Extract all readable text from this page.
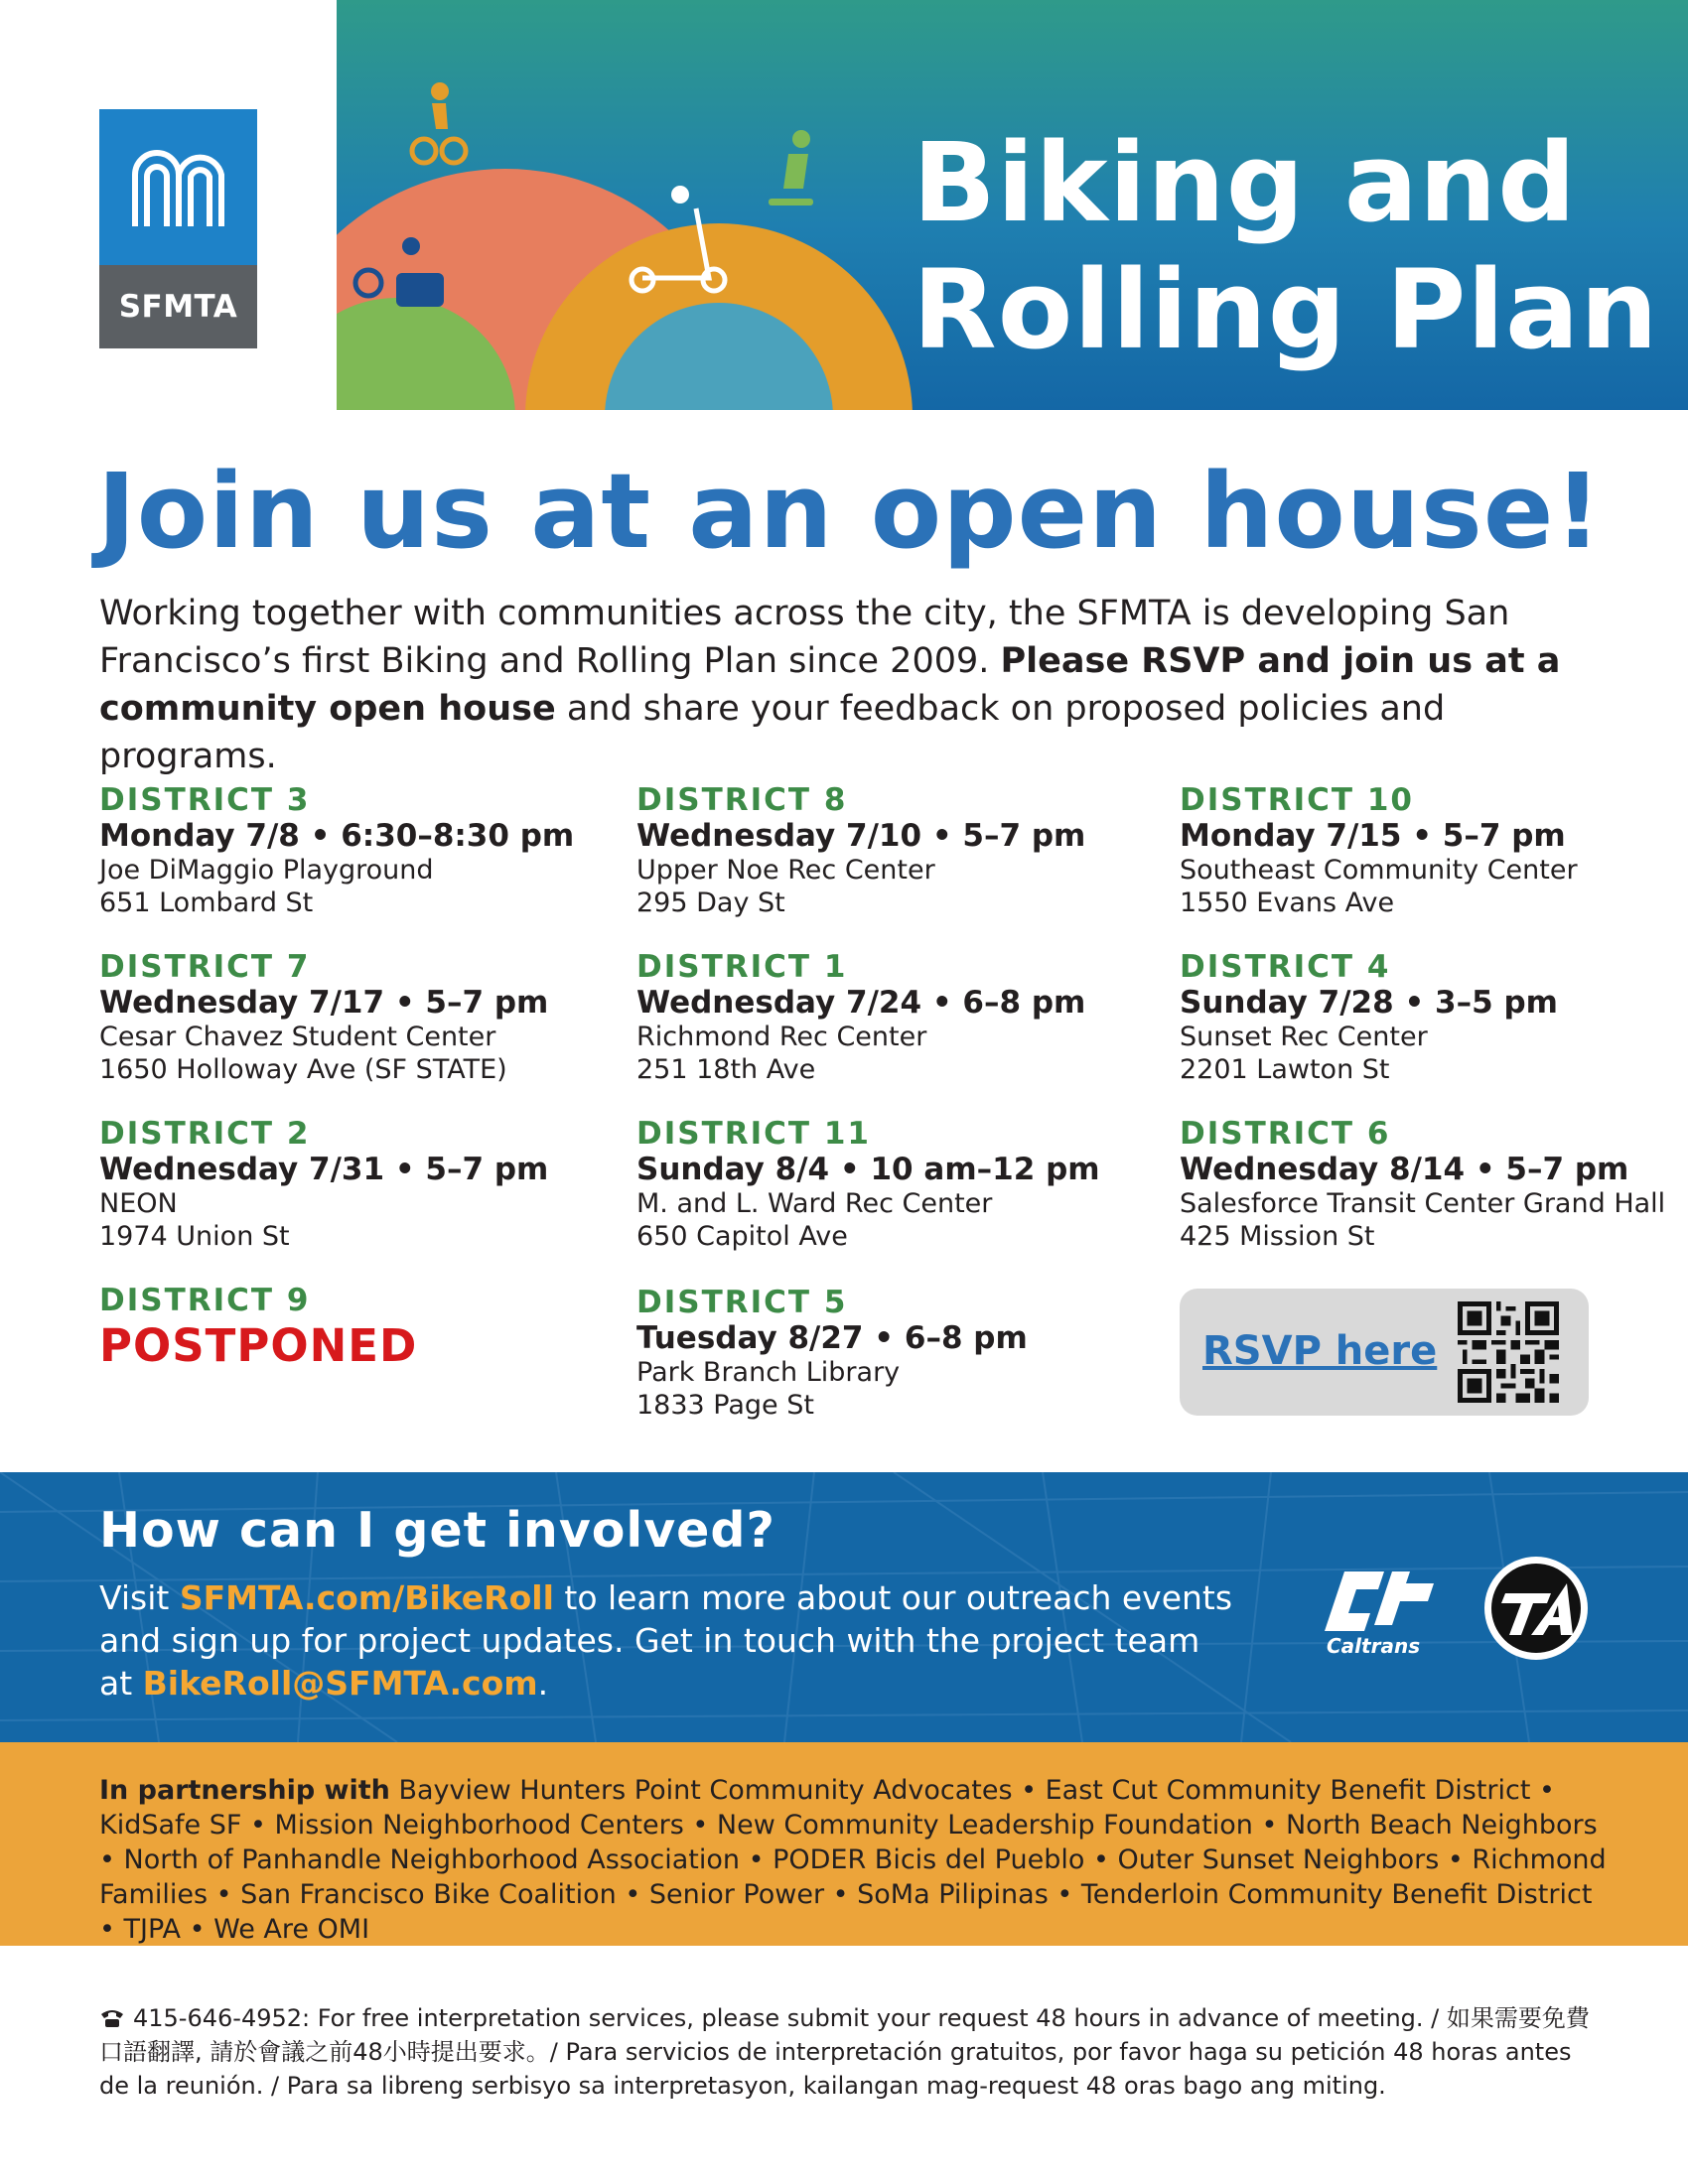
SFMTA
Biking and
Rolling Plan
Join us at an open house!
Working together with communities across the city, the SFMTA is developing San Francisco’s first Biking and Rolling Plan since 2009. Please RSVP and join us at a community open house and share your feedback on proposed policies and programs.
DISTRICT 3
Monday 7/8 • 6:30–8:30 pm
Joe DiMaggio Playground
651 Lombard St
DISTRICT 8
Wednesday 7/10 • 5–7 pm
Upper Noe Rec Center
295 Day St
DISTRICT 10
Monday 7/15 • 5–7 pm
Southeast Community Center
1550 Evans Ave
DISTRICT 7
Wednesday 7/17 • 5–7 pm
Cesar Chavez Student Center
1650 Holloway Ave (SF STATE)
DISTRICT 1
Wednesday 7/24 • 6–8 pm
Richmond Rec Center
251 18th Ave
DISTRICT 4
Sunday 7/28 • 3–5 pm
Sunset Rec Center
2201 Lawton St
DISTRICT 2
Wednesday 7/31 • 5–7 pm
NEON
1974 Union St
DISTRICT 11
Sunday 8/4 • 10 am–12 pm
M. and L. Ward Rec Center
650 Capitol Ave
DISTRICT 6
Wednesday 8/14 • 5–7 pm
Salesforce Transit Center Grand Hall
425 Mission St
DISTRICT 9
POSTPONED
DISTRICT 5
Tuesday 8/27 • 6–8 pm
Park Branch Library
1833 Page St
RSVP here
How can I get involved?
Visit SFMTA.com/BikeRoll to learn more about our outreach events and sign up for project updates. Get in touch with the project team at BikeRoll@SFMTA.com.
Caltrans
In partnership with Bayview Hunters Point Community Advocates • East Cut Community Benefit District • KidSafe SF • Mission Neighborhood Centers • New Community Leadership Foundation • North Beach Neighbors • North of Panhandle Neighborhood Association • PODER Bicis del Pueblo • Outer Sunset Neighbors • Richmond Families • San Francisco Bike Coalition • Senior Power • SoMa Pilipinas • Tenderloin Community Benefit District • TJPA • We Are OMI
415-646-4952: For free interpretation services, please submit your request 48 hours in advance of meeting. / 如果需要免費口語翻譯, 請於會議之前48小時提出要求。/ Para servicios de interpretación gratuitos, por favor haga su petición 48 horas antes de la reunión. / Para sa libreng serbisyo sa interpretasyon, kailangan mag-request 48 oras bago ang miting.
